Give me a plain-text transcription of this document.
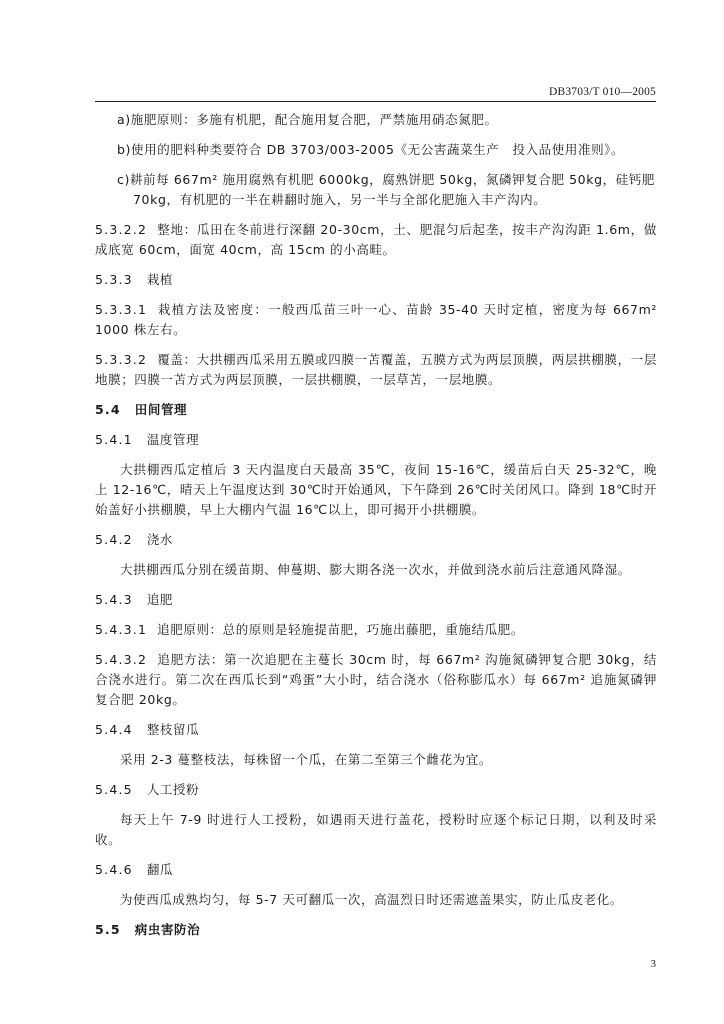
DB3703/T 010—2005

a)施肥原则：多施有机肥，配合施用复合肥，严禁施用硝态氮肥。

b)使用的肥料种类要符合 DB 3703/003-2005《无公害蔬菜生产　投入品使用准则》。

c)耕前每 667m² 施用腐熟有机肥 6000kg，腐熟饼肥 50kg，氮磷钾复合肥 50kg，硅钙肥 70kg，有机肥的一半在耕翻时施入，另一半与全部化肥施入丰产沟内。

5.3.2.2 整地：瓜田在冬前进行深翻 20-30cm，土、肥混匀后起垄，按丰产沟沟距 1.6m，做成底宽 60cm，面宽 40cm，高 15cm 的小高畦。

5.3.3 栽植

5.3.3.1 栽植方法及密度：一般西瓜苗三叶一心、苗龄 35-40 天时定植，密度为每 667m² 1000 株左右。

5.3.3.2 覆盖：大拱棚西瓜采用五膜或四膜一苫覆盖，五膜方式为两层顶膜，两层拱棚膜，一层地膜；四膜一苫方式为两层顶膜，一层拱棚膜，一层草苫，一层地膜。

5.4 田间管理
5.4.1 温度管理

大拱棚西瓜定植后 3 天内温度白天最高 35℃，夜间 15-16℃，缓苗后白天 25-32℃，晚上 12-16℃，晴天上午温度达到 30℃时开始通风，下午降到 26℃时关闭风口。降到 18℃时开始盖好小拱棚膜，早上大棚内气温 16℃以上，即可揭开小拱棚膜。

5.4.2 浇水

大拱棚西瓜分别在缓苗期、伸蔓期、膨大期各浇一次水，并做到浇水前后注意通风降湿。

5.4.3 追肥

5.4.3.1 追肥原则：总的原则是轻施提苗肥，巧施出藤肥，重施结瓜肥。

5.4.3.2 追肥方法：第一次追肥在主蔓长 30cm 时，每 667m² 沟施氮磷钾复合肥 30kg，结合浇水进行。第二次在西瓜长到“鸡蛋”大小时，结合浇水（俗称膨瓜水）每 667m² 追施氮磷钾复合肥 20kg。

5.4.4 整枝留瓜

采用 2-3 蔓整枝法，每株留一个瓜，在第二至第三个雌花为宜。

5.4.5 人工授粉

每天上午 7-9 时进行人工授粉，如遇雨天进行盖花，授粉时应逐个标记日期，以利及时采收。

5.4.6 翻瓜

为使西瓜成熟均匀，每 5-7 天可翻瓜一次，高温烈日时还需遮盖果实，防止瓜皮老化。

5.5 病虫害防治
3
